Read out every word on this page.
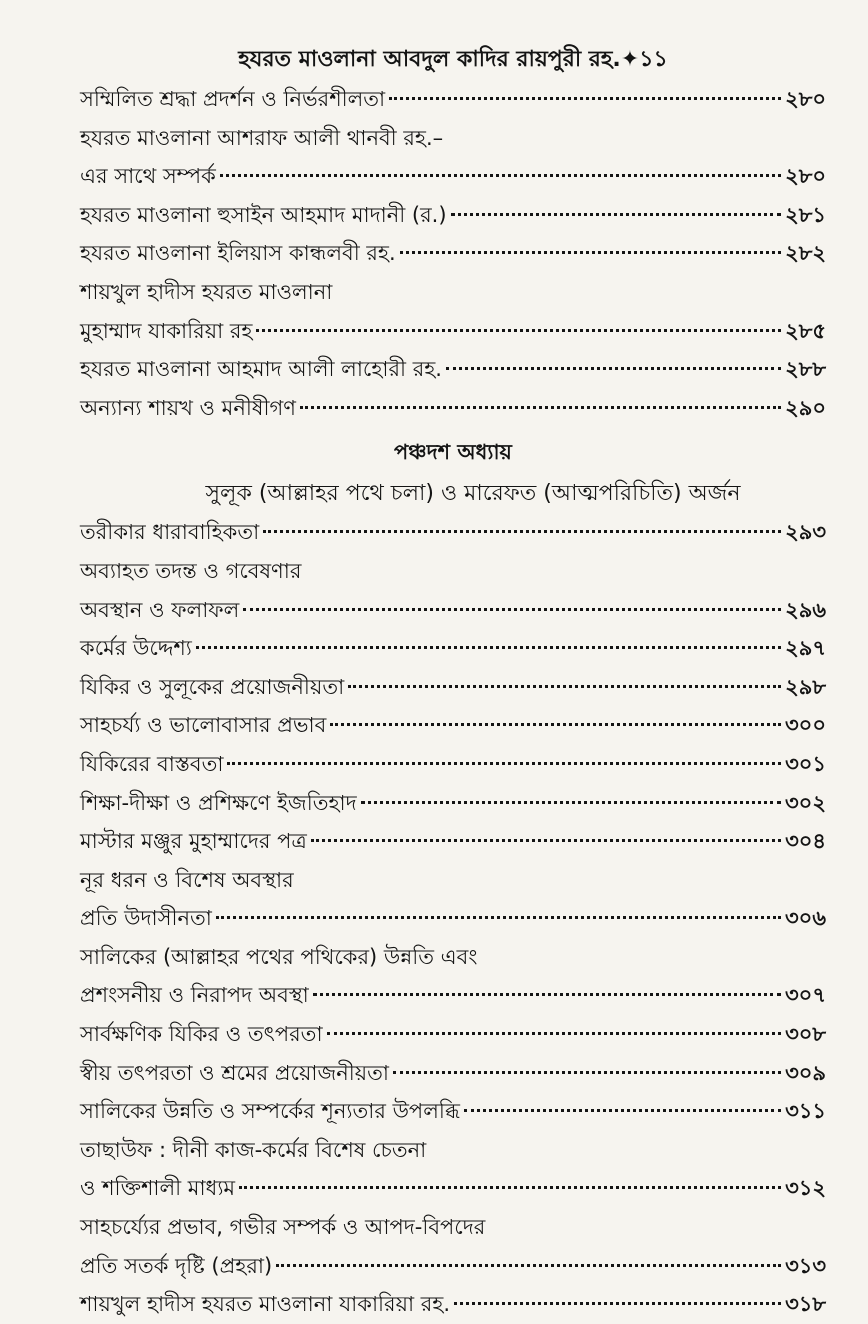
হযরত মাওলানা আবদুল কাদির রায়পুরী রহ.✦১১
সম্মিলিত শ্রদ্ধা প্রদর্শন ও নির্ভরশীলতা	২৮০
হযরত মাওলানা আশরাফ আলী থানবী রহ.–
এর সাথে সম্পর্ক	২৮০
হযরত মাওলানা হুসাইন আহমাদ মাদানী (র.)	২৮১
হযরত মাওলানা ইলিয়াস কান্ধলবী রহ.	২৮২
শায়খুল হাদীস হযরত মাওলানা
মুহাম্মাদ যাকারিয়া রহ	২৮৫
হযরত মাওলানা আহমাদ আলী লাহোরী রহ.	২৮৮
অন্যান্য শায়খ ও মনীষীগণ	২৯০
পঞ্চদশ অধ্যায়
সুলূক (আল্লাহর পথে চলা) ও মারেফত (আত্মপরিচিতি) অর্জন
তরীকার ধারাবাহিকতা	২৯৩
অব্যাহত তদন্ত ও গবেষণার
অবস্থান ও ফলাফল	২৯৬
কর্মের উদ্দেশ্য	২৯৭
যিকির ও সুলূকের প্রয়োজনীয়তা	২৯৮
সাহচর্য্য ও ভালোবাসার প্রভাব	৩০০
যিকিরের বাস্তবতা	৩০১
শিক্ষা-দীক্ষা ও প্রশিক্ষণে ইজতিহাদ	৩০২
মাস্টার মঞ্জুর মুহাম্মাদের পত্র	৩০৪
নূর ধরন ও বিশেষ অবস্থার
প্রতি উদাসীনতা	৩০৬
সালিকের (আল্লাহর পথের পথিকের) উন্নতি এবং
প্রশংসনীয় ও নিরাপদ অবস্থা	৩০৭
সার্বক্ষণিক যিকির ও তৎপরতা	৩০৮
স্বীয় তৎপরতা ও শ্রমের প্রয়োজনীয়তা	৩০৯
সালিকের উন্নতি ও সম্পর্কের শূন্যতার উপলব্ধি	৩১১
তাছাউফ : দীনী কাজ-কর্মের বিশেষ চেতনা
ও শক্তিশালী মাধ্যম	৩১২
সাহচর্য্যের প্রভাব, গভীর সম্পর্ক ও আপদ-বিপদের
প্রতি সতর্ক দৃষ্টি (প্রহরা)	৩১৩
শায়খুল হাদীস হযরত মাওলানা যাকারিয়া রহ.	৩১৮
